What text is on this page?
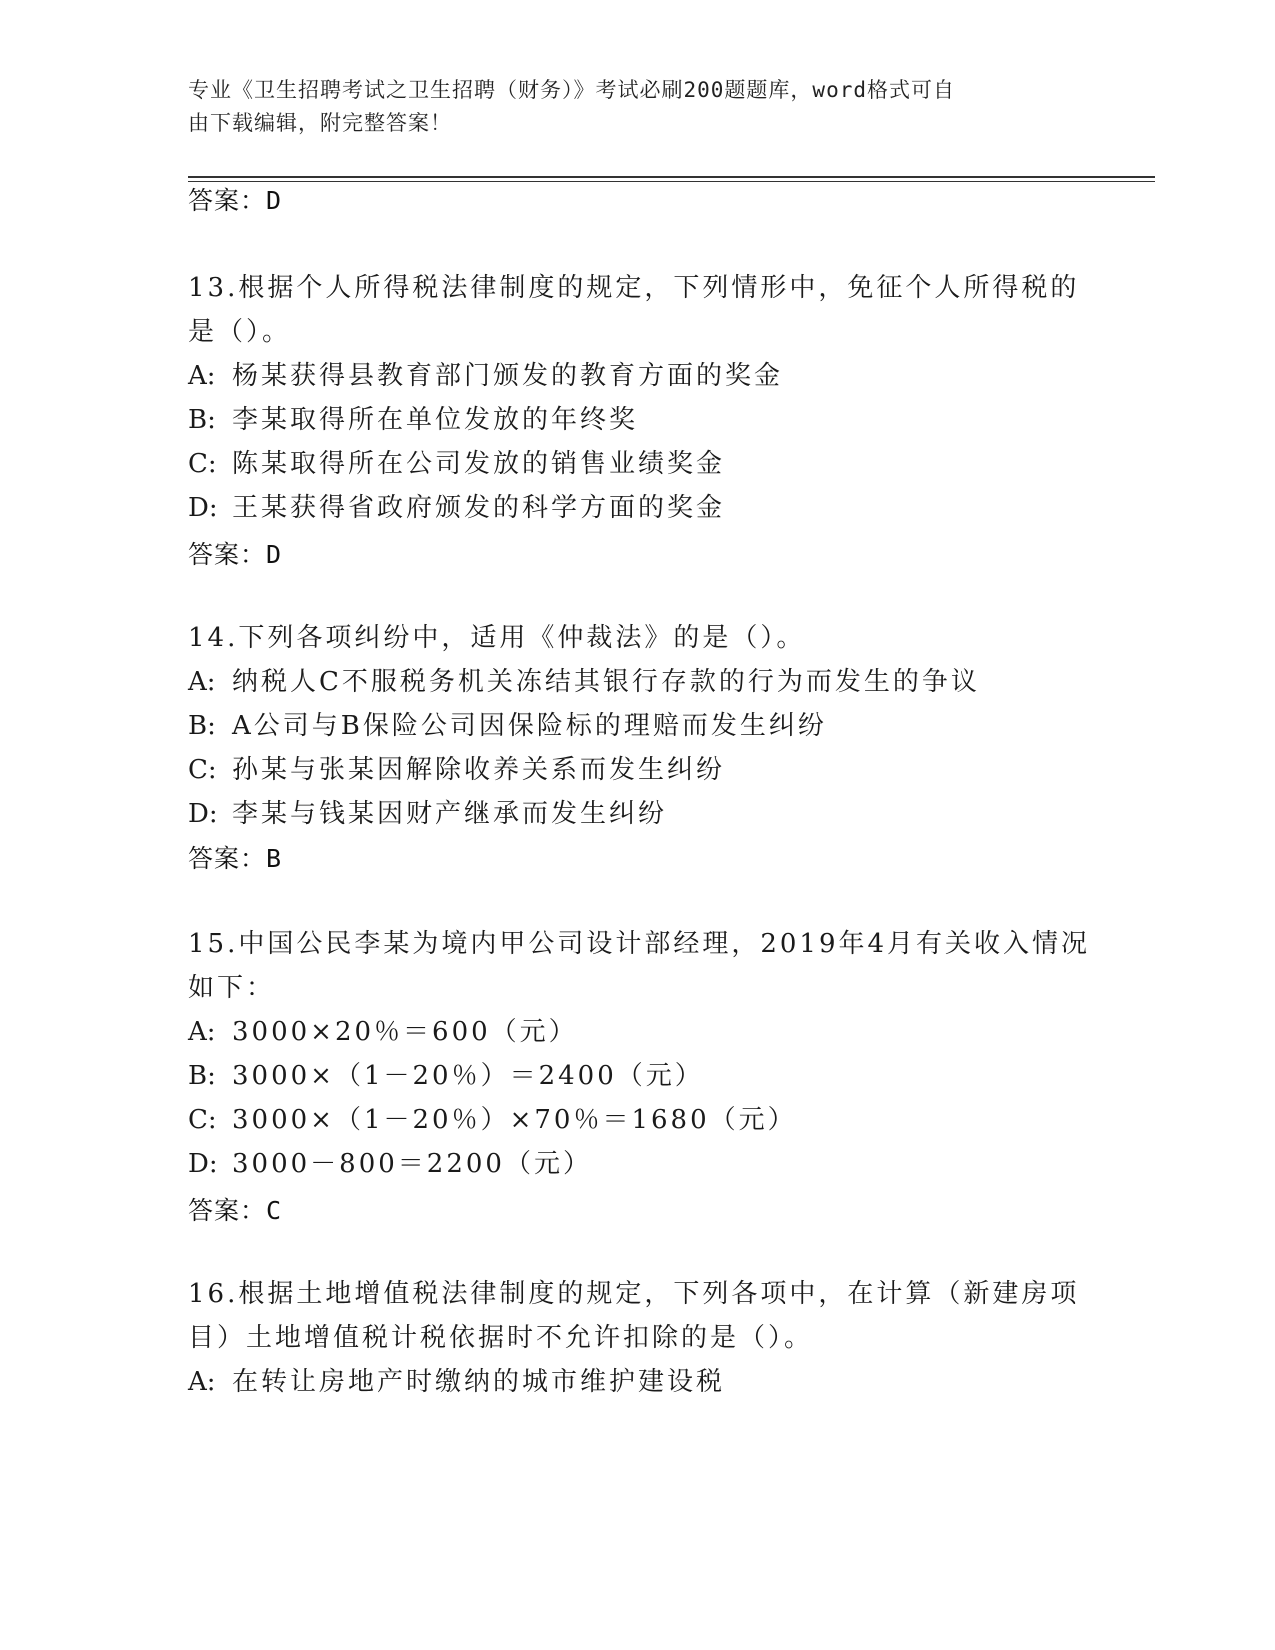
专业《卫生招聘考试之卫生招聘（财务）》考试必刷200题题库，word格式可自
由下载编辑，附完整答案！
答案：D
13.根据个人所得税法律制度的规定，下列情形中，免征个人所得税的
是（）。
A: 杨某获得县教育部门颁发的教育方面的奖金
B: 李某取得所在单位发放的年终奖
C: 陈某取得所在公司发放的销售业绩奖金
D: 王某获得省政府颁发的科学方面的奖金
答案：D
14.下列各项纠纷中，适用《仲裁法》的是（）。
A: 纳税人C不服税务机关冻结其银行存款的行为而发生的争议
B: A公司与B保险公司因保险标的理赔而发生纠纷
C: 孙某与张某因解除收养关系而发生纠纷
D: 李某与钱某因财产继承而发生纠纷
答案：B
15.中国公民李某为境内甲公司设计部经理，2019年4月有关收入情况
如下：
A: 3000×20％＝600（元）
B: 3000×（1－20％）＝2400（元）
C: 3000×（1－20％）×70％＝1680（元）
D: 3000－800＝2200（元）
答案：C
16.根据土地增值税法律制度的规定，下列各项中，在计算（新建房项
目）土地增值税计税依据时不允许扣除的是（）。
A: 在转让房地产时缴纳的城市维护建设税
